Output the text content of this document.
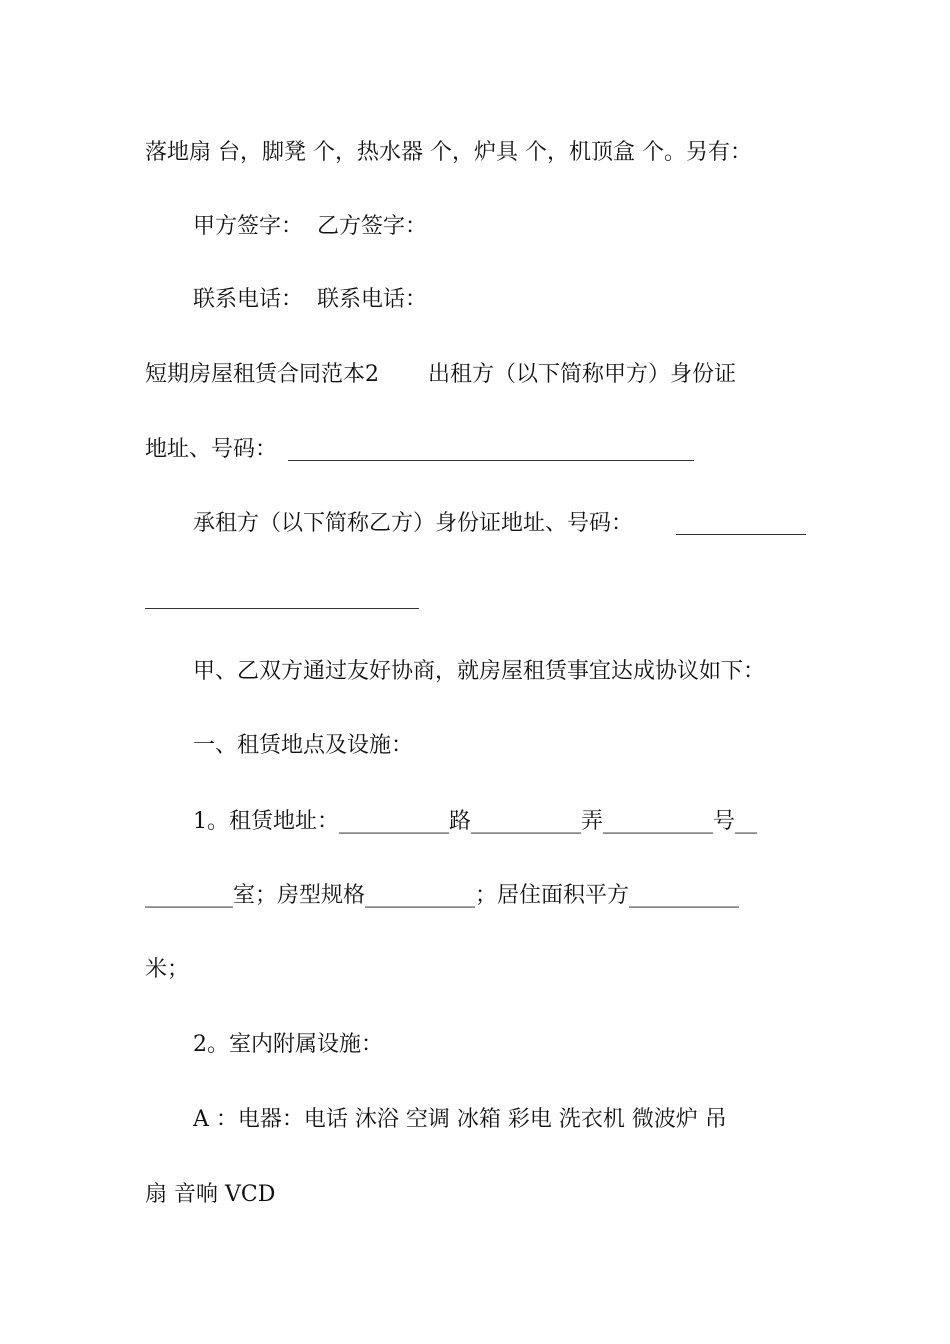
落地扇 台，脚凳 个，热水器 个，炉具 个，机顶盒 个。另有：
甲方签字：  乙方签字：
联系电话：  联系电话：
短期房屋租赁合同范本2       出租方（以下简称甲方）身份证
地址、号码：
承租方（以下简称乙方）身份证地址、号码：
甲、乙双方通过友好协商，就房屋租赁事宜达成协议如下：
一、租赁地点及设施：
1。租赁地址：__________路__________弄__________号__
________室；房型规格__________；居住面积平方__________
米；
2。室内附属设施：
A ：电器：电话 沐浴 空调 冰箱 彩电 洗衣机 微波炉 吊
扇 音响 VCD
